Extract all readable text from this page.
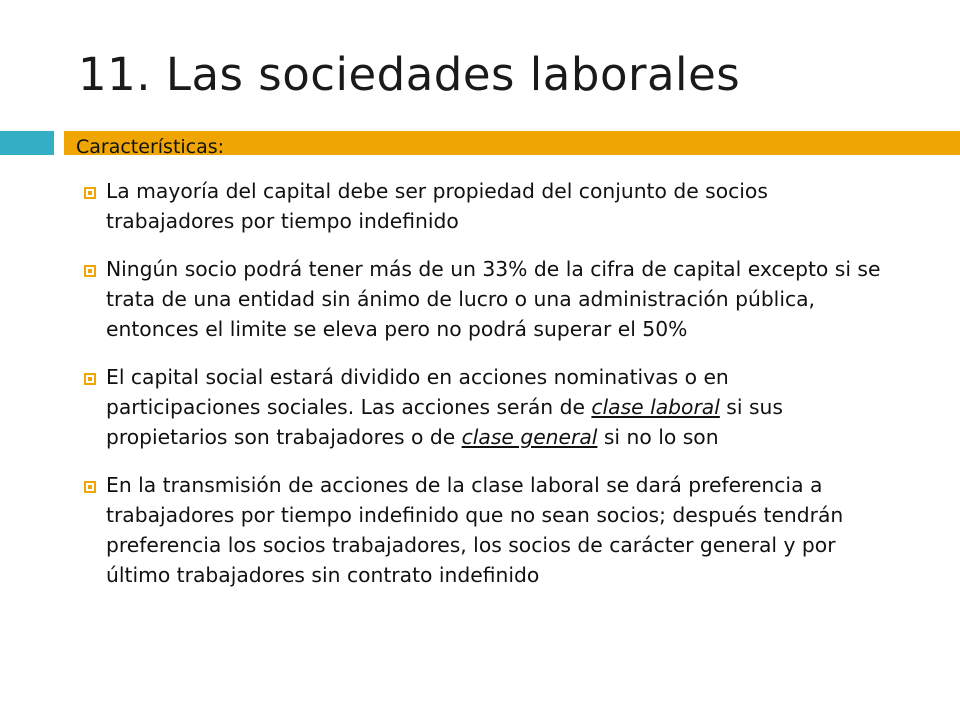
11. Las sociedades laborales

Características:

La mayoría del capital debe ser propiedad del conjunto de socios trabajadores por tiempo indefinido
Ningún socio podrá tener más de un 33% de la cifra de capital excepto si se trata de una entidad sin ánimo de lucro o una administración pública, entonces el limite se eleva pero no podrá superar el 50%
El capital social estará dividido en acciones nominativas o en participaciones sociales. Las acciones serán de clase laboral si sus propietarios son trabajadores o de clase general si no lo son
En la transmisión de acciones de la clase laboral se dará preferencia a trabajadores por tiempo indefinido que no sean socios; después tendrán preferencia los socios trabajadores, los socios de carácter general y por último trabajadores sin contrato indefinido
